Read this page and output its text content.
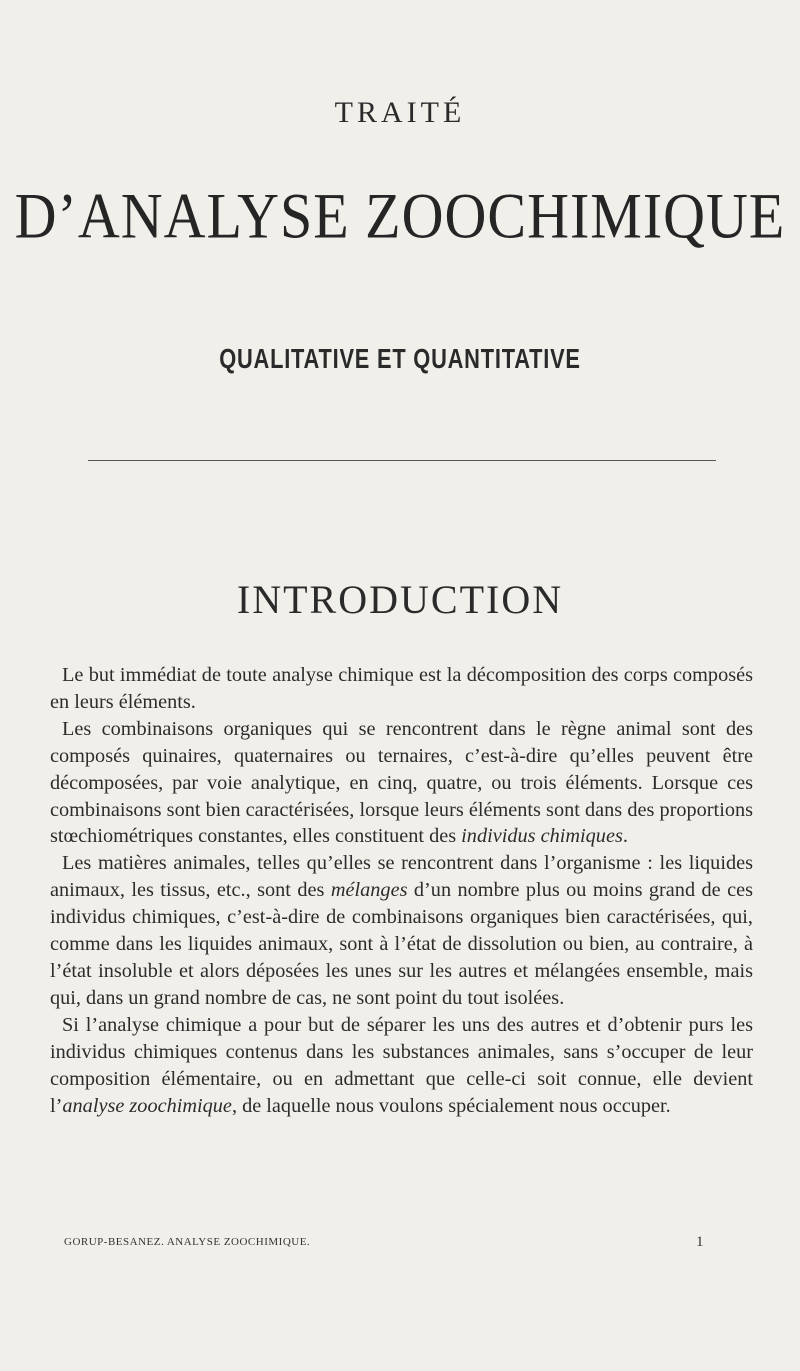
TRAITÉ
D’ANALYSE ZOOCHIMIQUE
QUALITATIVE ET QUANTITATIVE
INTRODUCTION

Le but immédiat de toute analyse chimique est la décomposition des corps composés en leurs éléments.

Les combinaisons organiques qui se rencontrent dans le règne animal sont des composés quinaires, quaternaires ou ternaires, c’est-à-dire qu’elles peuvent être décomposées, par voie analytique, en cinq, quatre, ou trois éléments. Lorsque ces combinaisons sont bien caractérisées, lorsque leurs éléments sont dans des proportions stœchiométriques constantes, elles constituent des individus chimiques.

Les matières animales, telles qu’elles se rencontrent dans l’organisme : les liquides animaux, les tissus, etc., sont des mélanges d’un nombre plus ou moins grand de ces individus chimiques, c’est-à-dire de combinaisons organiques bien caractérisées, qui, comme dans les liquides animaux, sont à l’état de dissolution ou bien, au contraire, à l’état insoluble et alors déposées les unes sur les autres et mélangées ensemble, mais qui, dans un grand nombre de cas, ne sont point du tout isolées.

Si l’analyse chimique a pour but de séparer les uns des autres et d’obtenir purs les individus chimiques contenus dans les substances animales, sans s’occuper de leur composition élémentaire, ou en admettant que celle-ci soit connue, elle devient l’analyse zoochimique, de laquelle nous voulons spécialement nous occuper.

GORUP-BESANEZ. ANALYSE ZOOCHIMIQUE.	1
